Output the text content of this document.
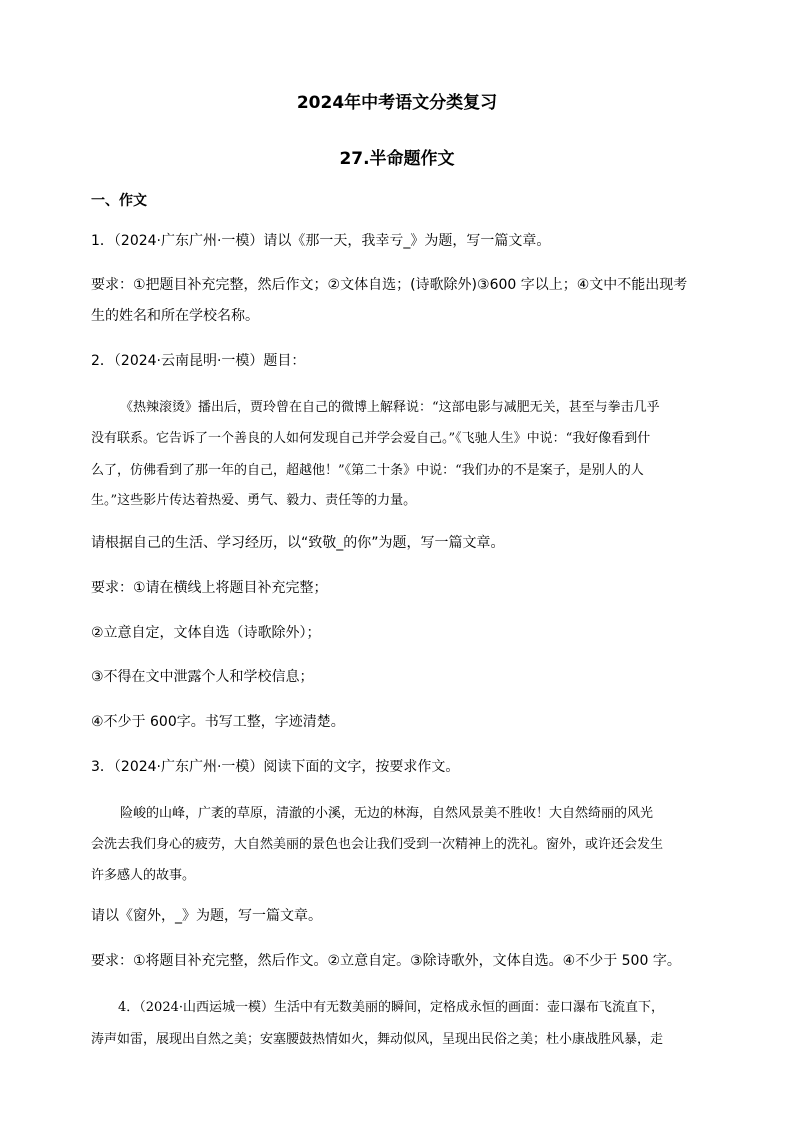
2024年中考语文分类复习
27.半命题作文
一、作文
1．（2024·广东广州·一模）请以《那一天，我幸亏_》为题，写一篇文章。
要求：①把题目补充完整，然后作文；②文体自选；(诗歌除外)③600 字以上；④文中不能出现考
生的姓名和所在学校名称。
2．（2024·云南昆明·一模）题目：
《热辣滚烫》播出后，贾玲曾在自己的微博上解释说：“这部电影与减肥无关，甚至与拳击几乎
没有联系。它告诉了一个善良的人如何发现自己并学会爱自己。”《飞驰人生》中说：“我好像看到什
么了，仿佛看到了那一年的自己，超越他！”《第二十条》中说：“我们办的不是案子，是别人的人
生。”这些影片传达着热爱、勇气、毅力、责任等的力量。
请根据自己的生活、学习经历，以“致敬_的你”为题，写一篇文章。
要求：①请在横线上将题目补充完整；
②立意自定，文体自选（诗歌除外）；
③不得在文中泄露个人和学校信息；
④不少于 600字。书写工整，字迹清楚。
3．（2024·广东广州·一模）阅读下面的文字，按要求作文。
险峻的山峰，广袤的草原，清澈的小溪，无边的林海，自然风景美不胜收！大自然绮丽的风光
会洗去我们身心的疲劳，大自然美丽的景色也会让我们受到一次精神上的洗礼。窗外，或许还会发生
许多感人的故事。
请以《窗外，_》为题，写一篇文章。
要求：①将题目补充完整，然后作文。②立意自定。③除诗歌外，文体自选。④不少于 500 字。
4．（2024·山西运城一模）生活中有无数美丽的瞬间，定格成永恒的画面：壶口瀑布飞流直下，
涛声如雷，展现出自然之美；安塞腰鼓热情如火，舞动似风，呈现出民俗之美；杜小康战胜风暴，走
